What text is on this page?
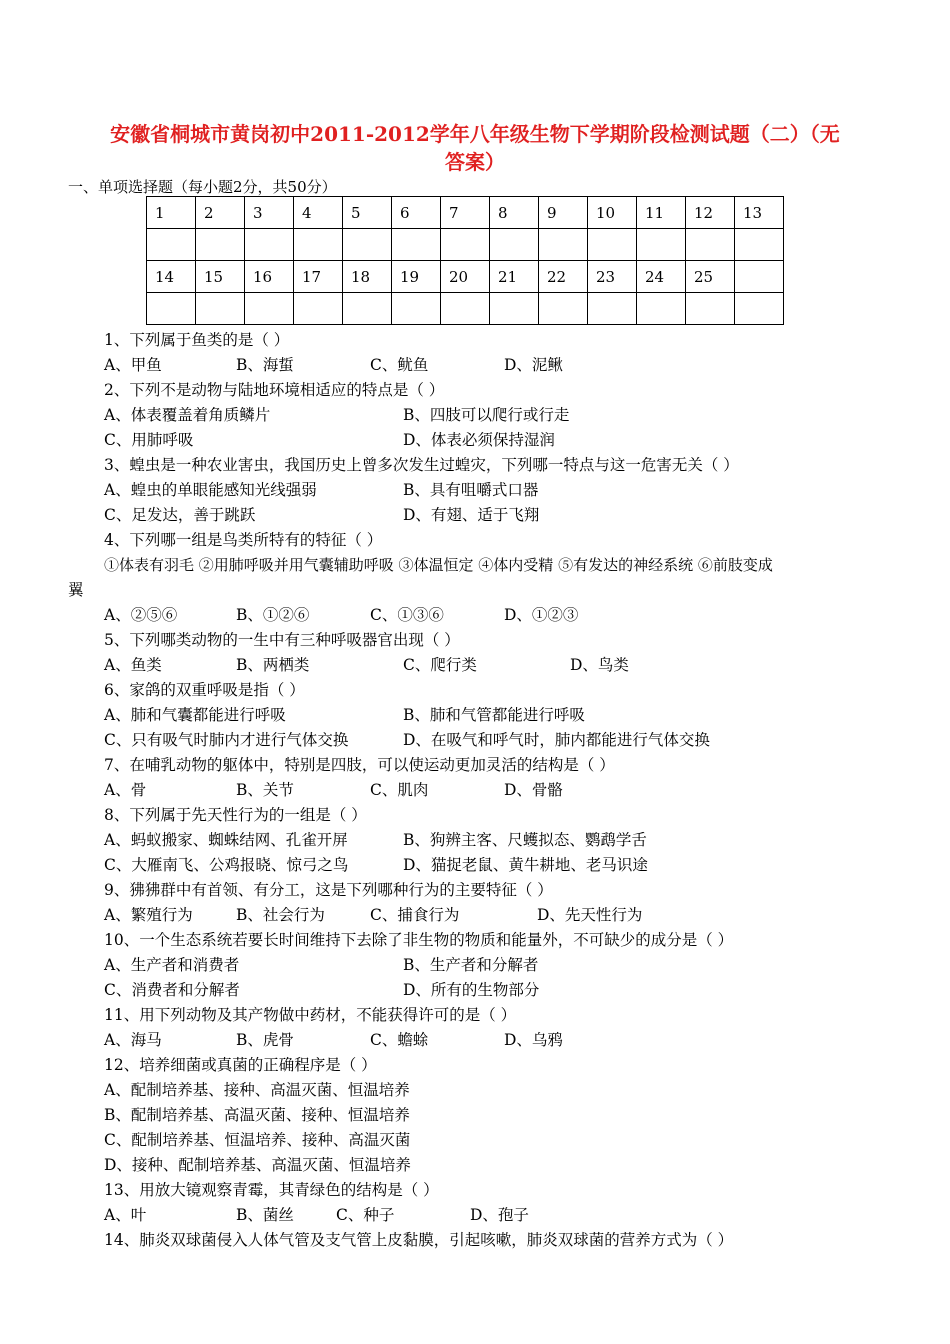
安徽省桐城市黄岗初中2011-2012学年八年级生物下学期阶段检测试题（二）（无
答案）
一、单项选择题（每小题2分，共50分）
1	2	3	4	5	6	7	8	9	10	11	12	13

14	15	16	17	18	19	20	21	22	23	24	25	

1、下列属于鱼类的是（ ）
A、甲鱼	B、海蜇	C、鱿鱼	D、泥鳅
2、下列不是动物与陆地环境相适应的特点是（ ）
A、体表覆盖着角质鳞片	B、四肢可以爬行或行走
C、用肺呼吸	D、体表必须保持湿润
3、蝗虫是一种农业害虫，我国历史上曾多次发生过蝗灾，下列哪一特点与这一危害无关（ ）
A、蝗虫的单眼能感知光线强弱	B、具有咀嚼式口器
C、足发达，善于跳跃	D、有翅、适于飞翔
4、下列哪一组是鸟类所特有的特征（ ）
①体表有羽毛 ②用肺呼吸并用气囊辅助呼吸 ③体温恒定 ④体内受精 ⑤有发达的神经系统 ⑥前肢变成
翼
A、②⑤⑥	B、①②⑥	C、①③⑥	D、①②③
5、下列哪类动物的一生中有三种呼吸器官出现（ ）
A、鱼类	B、两栖类	C、爬行类	D、鸟类
6、家鸽的双重呼吸是指（ ）
A、肺和气囊都能进行呼吸	B、肺和气管都能进行呼吸
C、只有吸气时肺内才进行气体交换	D、在吸气和呼气时，肺内都能进行气体交换
7、在哺乳动物的躯体中，特别是四肢，可以使运动更加灵活的结构是（ ）
A、骨	B、关节	C、肌肉	D、骨骼
8、下列属于先天性行为的一组是（ ）
A、蚂蚁搬家、蜘蛛结网、孔雀开屏	B、狗辨主客、尺蠖拟态、鹦鹉学舌
C、大雁南飞、公鸡报晓、惊弓之鸟	D、猫捉老鼠、黄牛耕地、老马识途
9、狒狒群中有首领、有分工，这是下列哪种行为的主要特征（ ）
A、繁殖行为	B、社会行为	C、捕食行为	D、先天性行为
10、一个生态系统若要长时间维持下去除了非生物的物质和能量外，不可缺少的成分是（ ）
A、生产者和消费者	B、生产者和分解者
C、消费者和分解者	D、所有的生物部分
11、用下列动物及其产物做中药材，不能获得许可的是（ ）
A、海马	B、虎骨	C、蟾蜍	D、乌鸦
12、培养细菌或真菌的正确程序是（ ）
A、配制培养基、接种、高温灭菌、恒温培养
B、配制培养基、高温灭菌、接种、恒温培养
C、配制培养基、恒温培养、接种、高温灭菌
D、接种、配制培养基、高温灭菌、恒温培养
13、用放大镜观察青霉，其青绿色的结构是（ ）
A、叶	B、菌丝	C、种子	D、孢子
14、肺炎双球菌侵入人体气管及支气管上皮黏膜，引起咳嗽，肺炎双球菌的营养方式为（ ）
